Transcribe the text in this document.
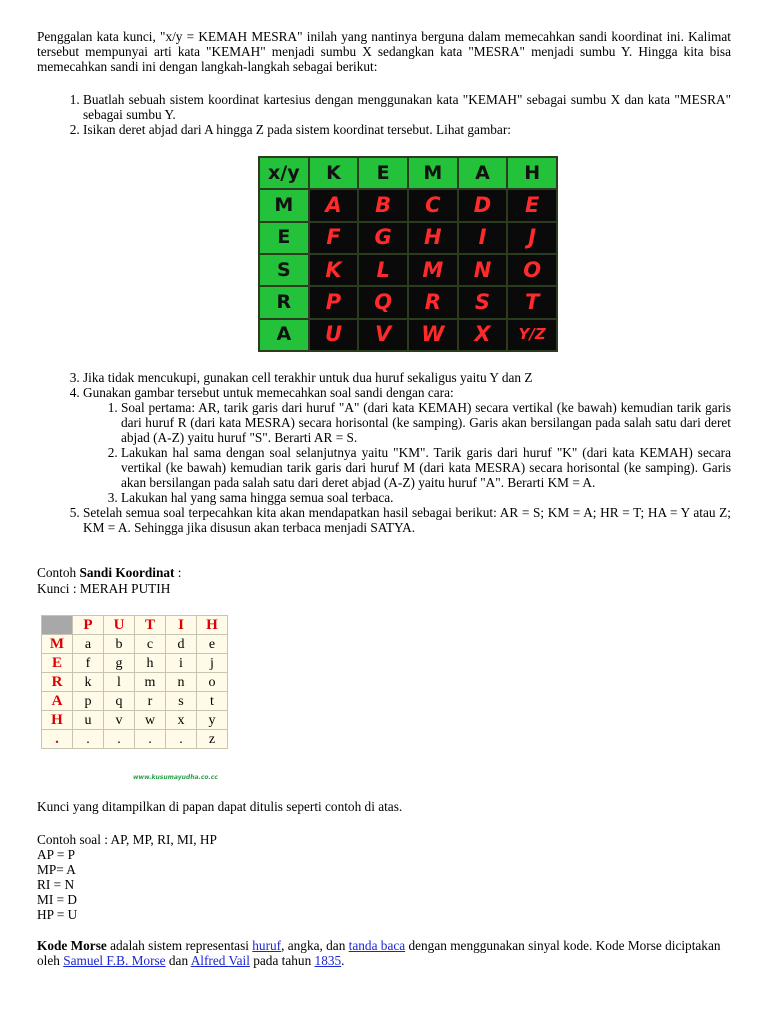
Penggalan kata kunci, "x/y = KEMAH MESRA" inilah yang nantinya berguna dalam memecahkan sandi koordinat ini. Kalimat tersebut mempunyai arti kata "KEMAH" menjadi sumbu X sedangkan kata "MESRA" menjadi sumbu Y. Hingga kita bisa memecahkan sandi ini dengan langkah-langkah sebagai berikut:

1. Buatlah sebuah sistem koordinat kartesius dengan menggunakan kata "KEMAH" sebagai sumbu X dan kata "MESRA" sebagai sumbu Y.
2. Isikan deret abjad dari A hingga Z pada sistem koordinat tersebut. Lihat gambar:
x/y	K	E	M	A	H
M	A	B	C	D	E
E	F	G	H	I	J
S	K	L	M	N	O
R	P	Q	R	S	T
A	U	V	W	X	Y/Z
3. Jika tidak mencukupi, gunakan cell terakhir untuk dua huruf sekaligus yaitu Y dan Z
4. Gunakan gambar tersebut untuk memecahkan soal sandi dengan cara:
1. Soal pertama: AR, tarik garis dari huruf "A" (dari kata KEMAH) secara vertikal (ke bawah) kemudian tarik garis dari huruf R (dari kata MESRA) secara horisontal (ke samping). Garis akan bersilangan pada salah satu dari deret abjad (A-Z) yaitu huruf "S". Berarti AR = S.
2. Lakukan hal sama dengan soal selanjutnya yaitu "KM". Tarik garis dari huruf "K" (dari kata KEMAH) secara vertikal (ke bawah) kemudian tarik garis dari huruf M (dari kata MESRA) secara horisontal (ke samping). Garis akan bersilangan pada salah satu dari deret abjad (A-Z) yaitu huruf "A". Berarti KM = A.
3. Lakukan hal yang sama hingga semua soal terbaca.
5. Setelah semua soal terpecahkan kita akan mendapatkan hasil sebagai berikut: AR = S; KM = A; HR = T; HA = Y atau Z; KM = A. Sehingga jika disusun akan terbaca menjadi SATYA.

Contoh Sandi Koordinat :

Kunci : MERAH PUTIH

	P	U	T	I	H
M	a	b	c	d	e
E	f	g	h	i	j
R	k	l	m	n	o
A	p	q	r	s	t
H	u	v	w	x	y
.	.	.	.	.	z
www.kusumayudha.co.cc

Kunci yang ditampilkan di papan dapat ditulis seperti contoh di atas.

Contoh soal : AP, MP, RI, MI, HP

AP = P

MP= A

RI = N

MI = D

HP = U

Kode Morse adalah sistem representasi huruf, angka, dan tanda baca dengan menggunakan sinyal kode. Kode Morse diciptakan oleh Samuel F.B. Morse dan Alfred Vail pada tahun 1835.
